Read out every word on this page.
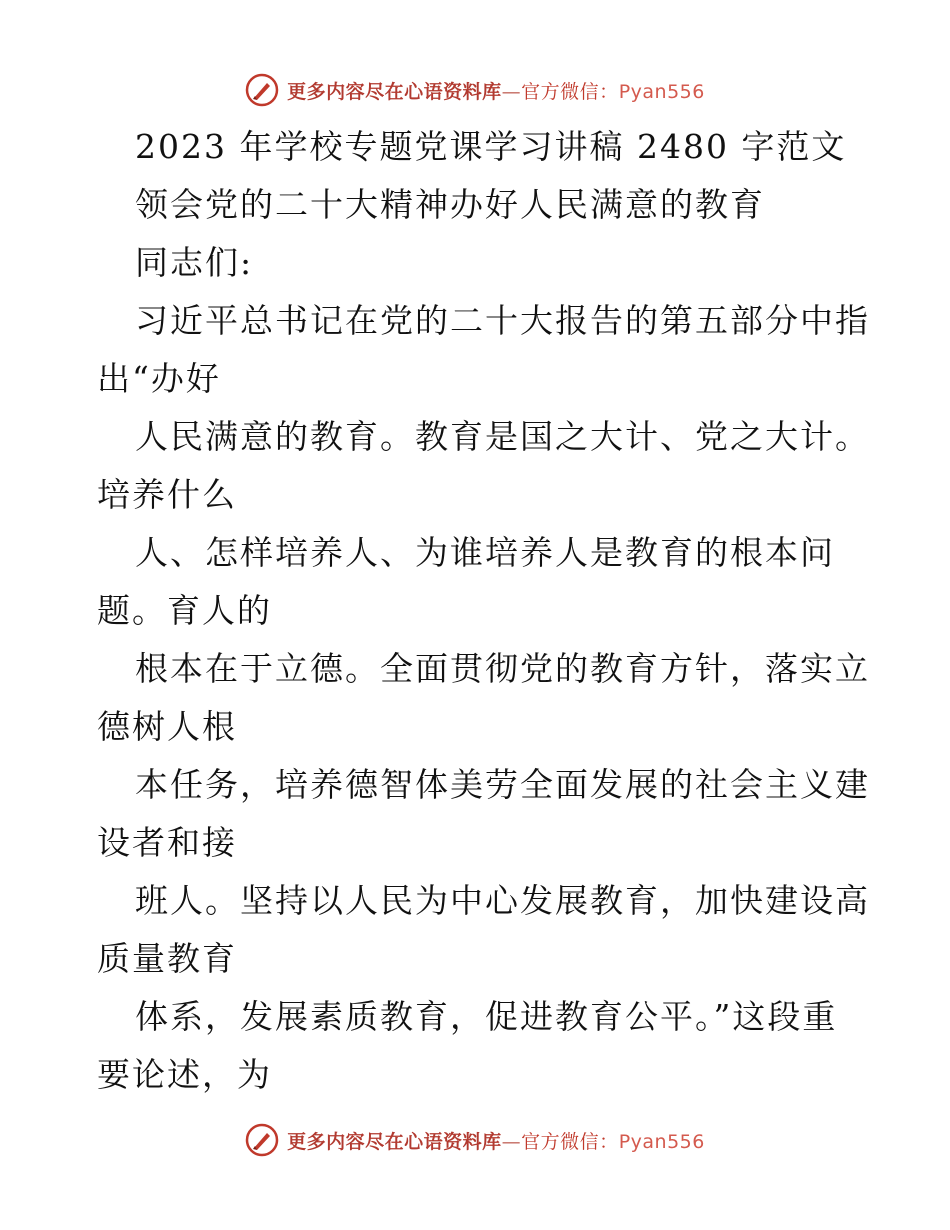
更多内容尽在心语资料库—官方微信：Pyan556
2023 年学校专题党课学习讲稿 2480 字范文
领会党的二十大精神办好人民满意的教育
同志们:
习近平总书记在党的二十大报告的第五部分中指
出“办好
人民满意的教育。教育是国之大计、党之大计。
培养什么
人、怎样培养人、为谁培养人是教育的根本问
题。育人的
根本在于立德。全面贯彻党的教育方针，落实立
德树人根
本任务，培养德智体美劳全面发展的社会主义建
设者和接
班人。坚持以人民为中心发展教育，加快建设高
质量教育
体系，发展素质教育，促进教育公平。”这段重
要论述，为
更多内容尽在心语资料库—官方微信：Pyan556
